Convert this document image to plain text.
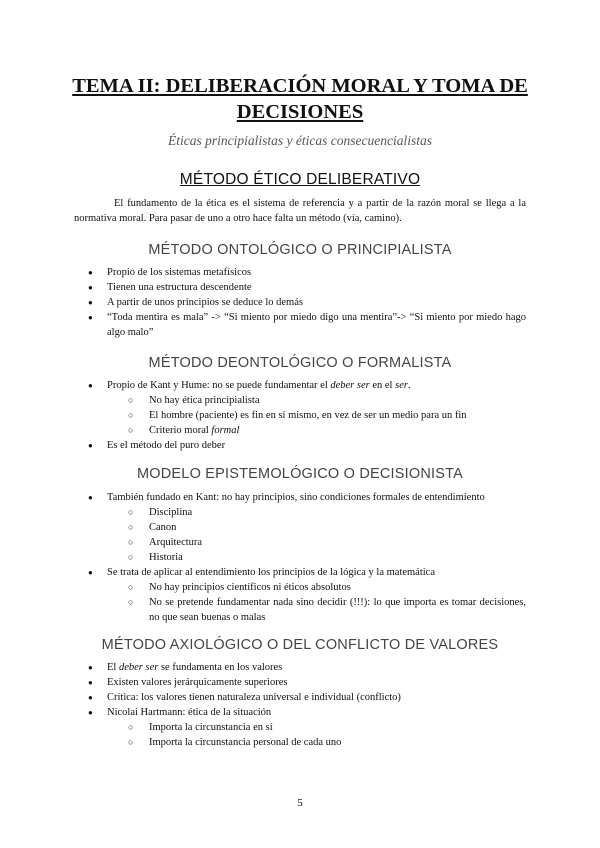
TEMA II: DELIBERACIÓN MORAL Y TOMA DE
DECISIONES
Éticas principialistas y éticas consecuencialistas
MÉTODO ÉTICO DELIBERATIVO
El fundamento de la ética es el sistema de referencia y a partir de la razón moral se llega a la normativa moral. Para pasar de uno a otro hace falta un método (vía, camino).
MÉTODO ONTOLÓGICO O PRINCIPIALISTA
● Propio de los sistemas metafísicos
● Tienen una estructura descendente
● A partir de unos principios se deduce lo demás
● “Toda mentira es mala” -> “Si miento por miedo digo una mentira”-> “Si miento por miedo hago algo malo”
MÉTODO DEONTOLÓGICO O FORMALISTA
● Propio de Kant y Hume: no se puede fundamentar el deber ser en el ser.
○ No hay ética principialista
○ El hombre (paciente) es fin en sí mismo, en vez de ser un medio para un fin
○ Criterio moral formal
● Es el método del puro deber
MODELO EPISTEMOLÓGICO O DECISIONISTA
● También fundado en Kant: no hay principios, sino condiciones formales de entendimiento
○ Disciplina
○ Canon
○ Arquitectura
○ Historia
● Se trata de aplicar al entendimiento los principios de la lógica y la matemática
○ No hay principios científicos ni éticos absolutos
○ No se pretende fundamentar nada sino decidir (!!!): lo que importa es tomar decisiones, no que sean buenas o malas
MÉTODO AXIOLÓGICO O DEL CONFLICTO DE VALORES
● El deber ser se fundamenta en los valores
● Existen valores jerárquicamente superiores
● Crítica: los valores tienen naturaleza universal e individual (conflicto)
● Nicolai Hartmann: ética de la situación
○ Importa la circunstancia en sí
○ Importa la circunstancia personal de cada uno
5
